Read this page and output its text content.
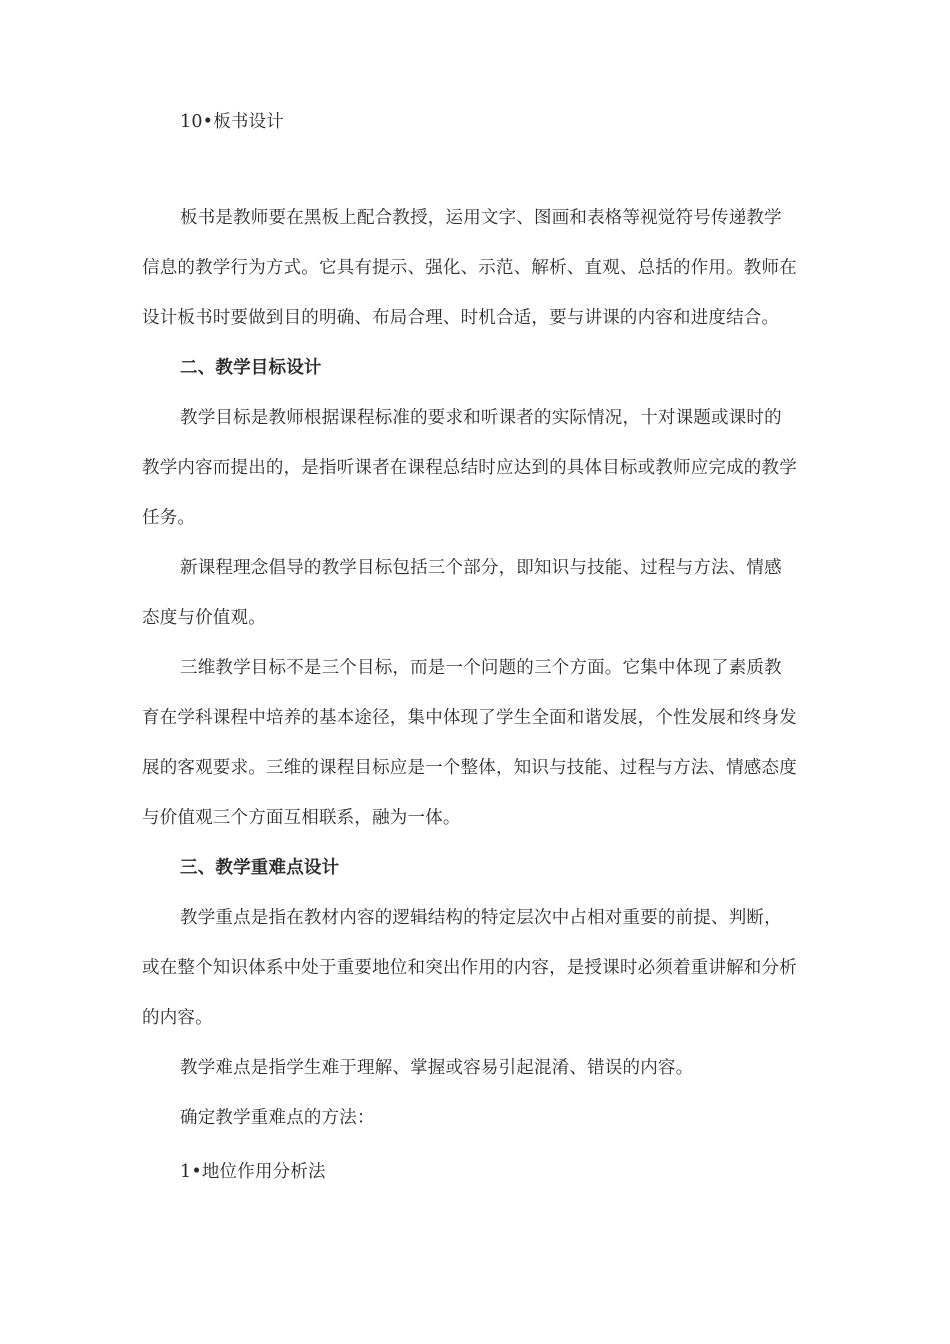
10•板书设计
板书是教师要在黑板上配合教授，运用文字、图画和表格等视觉符号传递教学
信息的教学行为方式。它具有提示、强化、示范、解析、直观、总括的作用。教师在
设计板书时要做到目的明确、布局合理、时机合适，要与讲课的内容和进度结合。
二、教学目标设计
教学目标是教师根据课程标准的要求和听课者的实际情况，十对课题或课时的
教学内容而提出的，是指听课者在课程总结时应达到的具体目标或教师应完成的教学
任务。
新课程理念倡导的教学目标包括三个部分，即知识与技能、过程与方法、情感
态度与价值观。
三维教学目标不是三个目标，而是一个问题的三个方面。它集中体现了素质教
育在学科课程中培养的基本途径，集中体现了学生全面和谐发展，个性发展和终身发
展的客观要求。三维的课程目标应是一个整体，知识与技能、过程与方法、情感态度
与价值观三个方面互相联系，融为一体。
三、教学重难点设计
教学重点是指在教材内容的逻辑结构的特定层次中占相对重要的前提、判断，
或在整个知识体系中处于重要地位和突出作用的内容，是授课时必须着重讲解和分析
的内容。
教学难点是指学生难于理解、掌握或容易引起混淆、错误的内容。
确定教学重难点的方法：
1•地位作用分析法
